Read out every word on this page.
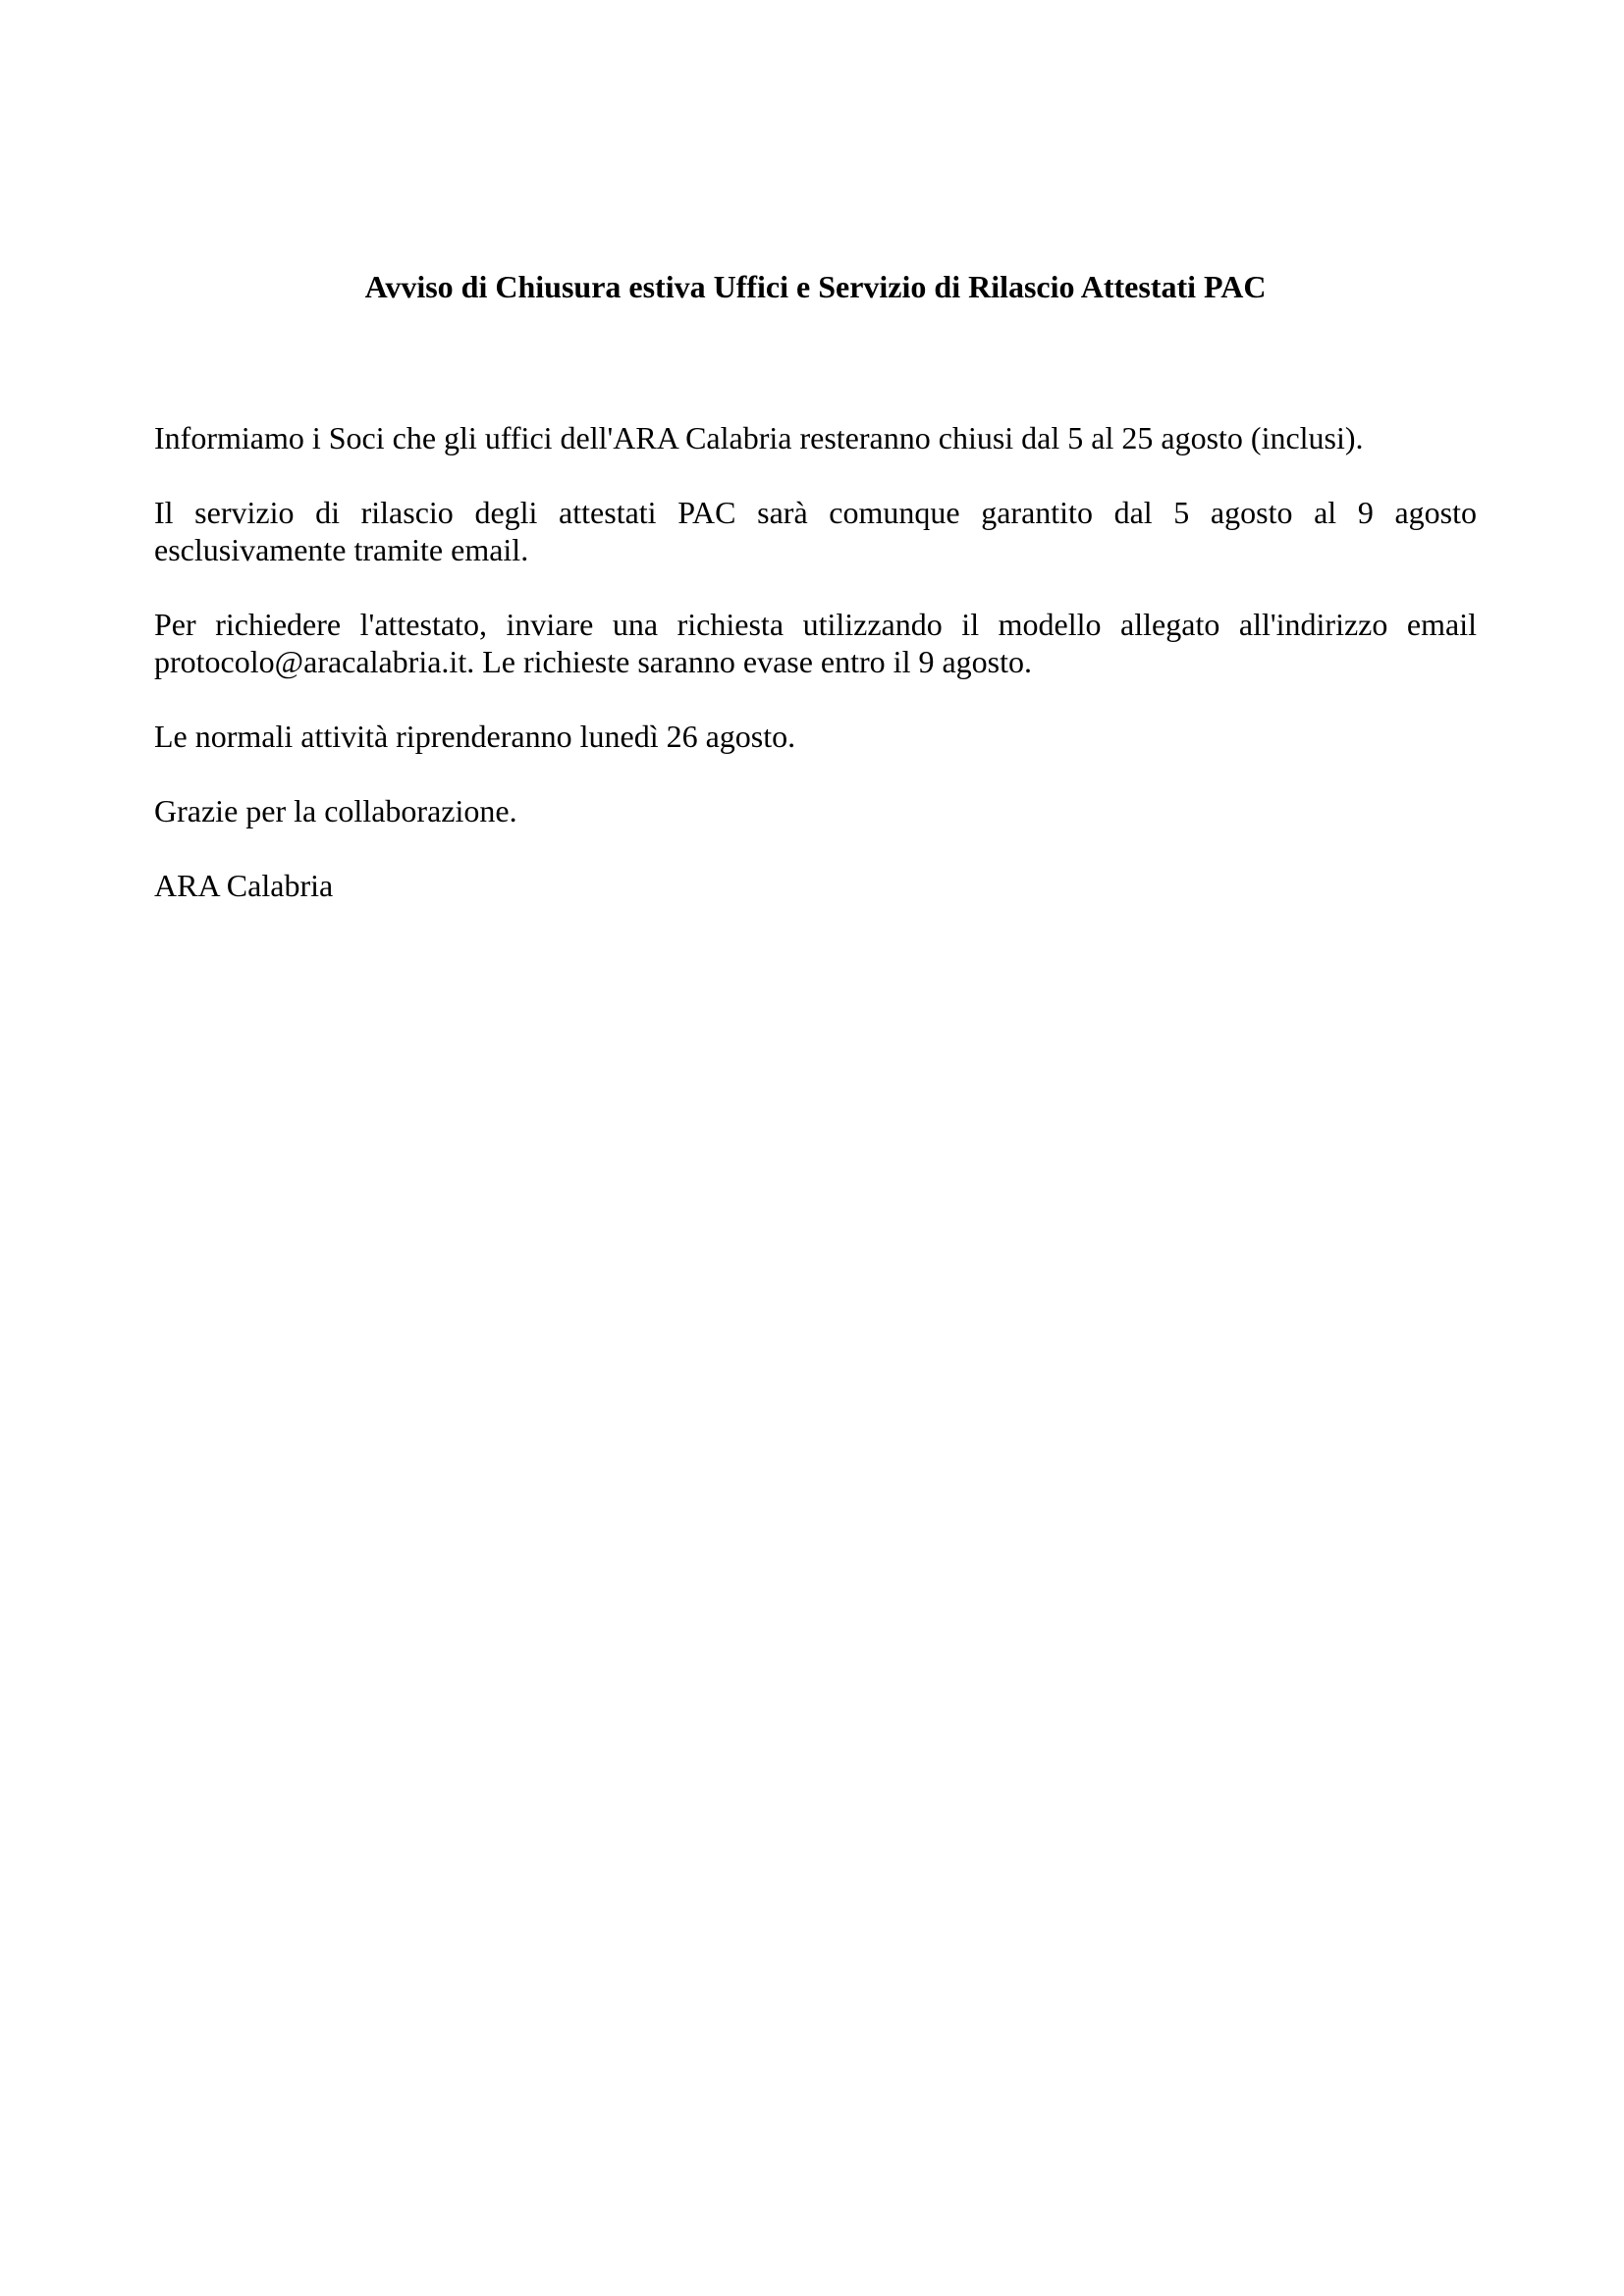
Avviso di Chiusura estiva Uffici e Servizio di Rilascio Attestati PAC

Informiamo i Soci che gli uffici dell'ARA Calabria resteranno chiusi dal 5 al 25 agosto (inclusi).

Il servizio di rilascio degli attestati PAC sarà comunque garantito dal 5 agosto al 9 agosto
esclusivamente tramite email.

Per richiedere l'attestato, inviare una richiesta utilizzando il modello allegato all'indirizzo email
protocolo@aracalabria.it. Le richieste saranno evase entro il 9 agosto.

Le normali attività riprenderanno lunedì 26 agosto.

Grazie per la collaborazione.

ARA Calabria
